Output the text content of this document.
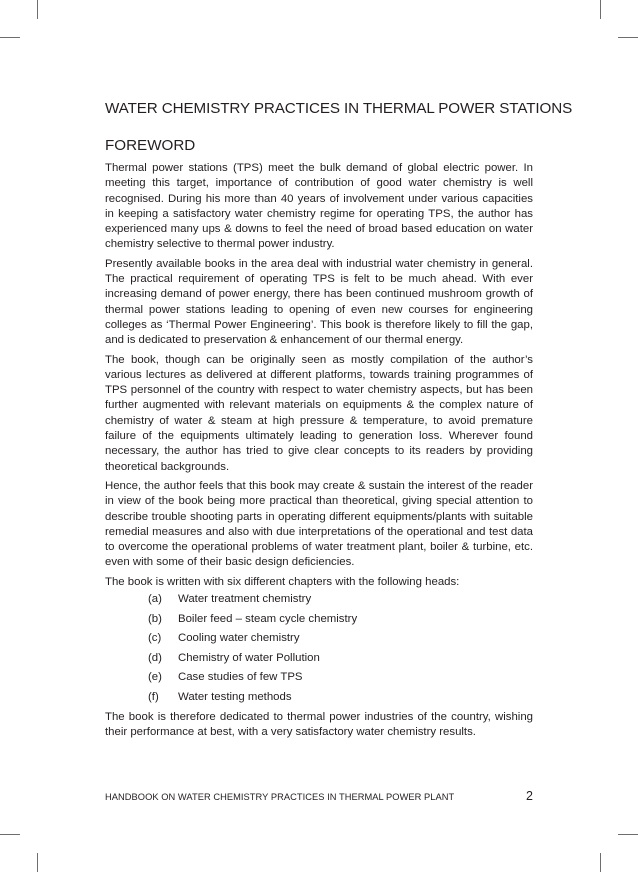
WATER CHEMISTRY PRACTICES IN THERMAL POWER STATIONS
FOREWORD

Thermal power stations (TPS) meet the bulk demand of global electric power. In meeting this target, importance of contribution of good water chemistry is well recognised. During his more than 40 years of involvement under various capacities in keeping a satisfactory water chemistry regime for operating TPS, the author has experienced many ups & downs to feel the need of broad based education on water chemistry selective to thermal power industry.

Presently available books in the area deal with industrial water chemistry in general. The practical requirement of operating TPS is felt to be much ahead. With ever increasing demand of power energy, there has been continued mushroom growth of thermal power stations leading to opening of even new courses for engineering colleges as ‘Thermal Power Engineering’. This book is therefore likely to fill the gap, and is dedicated to preservation & enhancement of our thermal energy.

The book, though can be originally seen as mostly compilation of the author’s various lectures as delivered at different platforms, towards training programmes of TPS personnel of the country with respect to water chemistry aspects, but has been further augmented with relevant materials on equipments & the complex nature of chemistry of water & steam at high pressure & temperature, to avoid premature failure of the equipments ultimately leading to generation loss. Wherever found necessary, the author has tried to give clear concepts to its readers by providing theoretical backgrounds.

Hence, the author feels that this book may create & sustain the interest of the reader in view of the book being more practical than theoretical, giving special attention to describe trouble shooting parts in operating different equipments/plants with suitable remedial measures and also with due interpretations of the operational and test data to overcome the operational problems of water treatment plant, boiler & turbine, etc. even with some of their basic design deficiencies.

The book is written with six different chapters with the following heads:

(a)	Water treatment chemistry
(b)	Boiler feed – steam cycle chemistry
(c)	Cooling water chemistry
(d)	Chemistry of water Pollution
(e)	Case studies of few TPS
(f)	Water testing methods

The book is therefore dedicated to thermal power industries of the country, wishing their performance at best, with a very satisfactory water chemistry results.

HANDBOOK ON WATER CHEMISTRY PRACTICES IN THERMAL POWER PLANT	2
